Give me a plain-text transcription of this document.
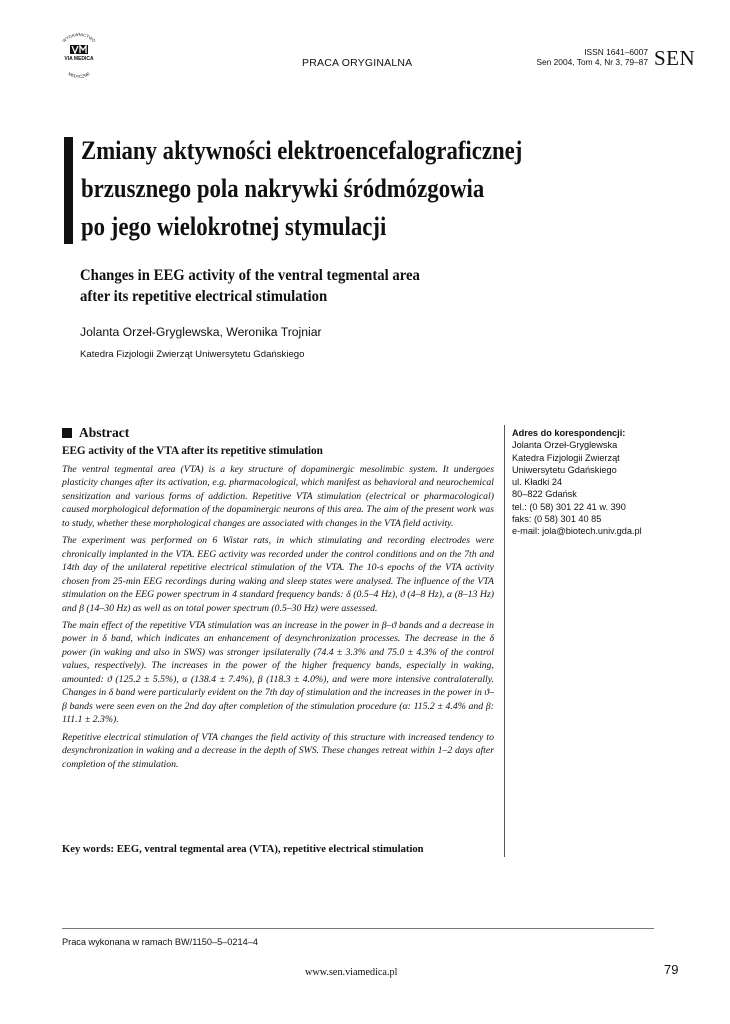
WYDAWNICTWO
MEDYCZNE
VIA MEDICA	PRACA ORYGINALNA
ISSN 1641–6007
Sen 2004, Tom 4, Nr 3, 79–87 SEN
Zmiany aktywności elektroencefalograficznej
brzusznego pola nakrywki śródmózgowia
po jego wielokrotnej stymulacji
Changes in EEG activity of the ventral tegmental area
after its repetitive electrical stimulation
Jolanta Orzeł-Gryglewska, Weronika Trojniar
Katedra Fizjologii Zwierząt Uniwersytetu Gdańskiego
Abstract
EEG activity of the VTA after its repetitive stimulation

The ventral tegmental area (VTA) is a key structure of dopaminergic mesolimbic system. It undergoes plasticity changes after its activation, e.g. pharmacological, which manifest as behavioral and neurochemical sensitization and various forms of addiction. Repetitive VTA stimulation (electrical or pharmacological) caused morphological deformation of the dopaminergic neurons of this area. The aim of the present work was to study, whether these morphological changes are associated with changes in the VTA field activity.

The experiment was performed on 6 Wistar rats, in which stimulating and recording electrodes were chronically implanted in the VTA. EEG activity was recorded under the control conditions and on the 7th and 14th day of the unilateral repetitive electrical stimulation of the VTA. The 10-s epochs of the VTA activity chosen from 25-min EEG recordings during waking and sleep states were analysed. The influence of the VTA stimulation on the EEG power spectrum in 4 standard frequency bands: δ (0.5–4 Hz), ϑ (4–8 Hz), α (8–13 Hz) and β (14–30 Hz) as well as on total power spectrum (0.5–30 Hz) were assessed.

The main effect of the repetitive VTA stimulation was an increase in the power in β–ϑ bands and a decrease in power in δ band, which indicates an enhancement of desynchronization processes. The decrease in the δ power (in waking and also in SWS) was stronger ipsilaterally (74.4 ± 3.3% and 75.0 ± 4.3% of the control values, respectively). The increases in the power of the higher frequency bands, especially in waking, amounted: ϑ (125.2 ± 5.5%), α (138.4 ± 7.4%), β (118.3 ± 4.0%), and were more intensive contralaterally. Changes in δ band were particularly evident on the 7th day of stimulation and the increases in the power in ϑ–β bands were seen even on the 2nd day after completion of the stimulation procedure (α: 115.2 ± 4.4% and β: 111.1 ± 2.3%).

Repetitive electrical stimulation of VTA changes the field activity of this structure with increased tendency to desynchronization in waking and a decrease in the depth of SWS. These changes retreat within 1–2 days after completion of the stimulation.

Key words: EEG, ventral tegmental area (VTA), repetitive electrical stimulation
Adres do korespondencji:
Jolanta Orzeł-Gryglewska
Katedra Fizjologii Zwierząt
Uniwersytetu Gdańskiego
ul. Kładki 24
80–822 Gdańsk
tel.: (0 58) 301 22 41 w. 390
faks: (0 58) 301 40 85
e-mail: jola@biotech.univ.gda.pl
Praca wykonana w ramach BW/1150–5–0214–4
www.sen.viamedica.pl	79
